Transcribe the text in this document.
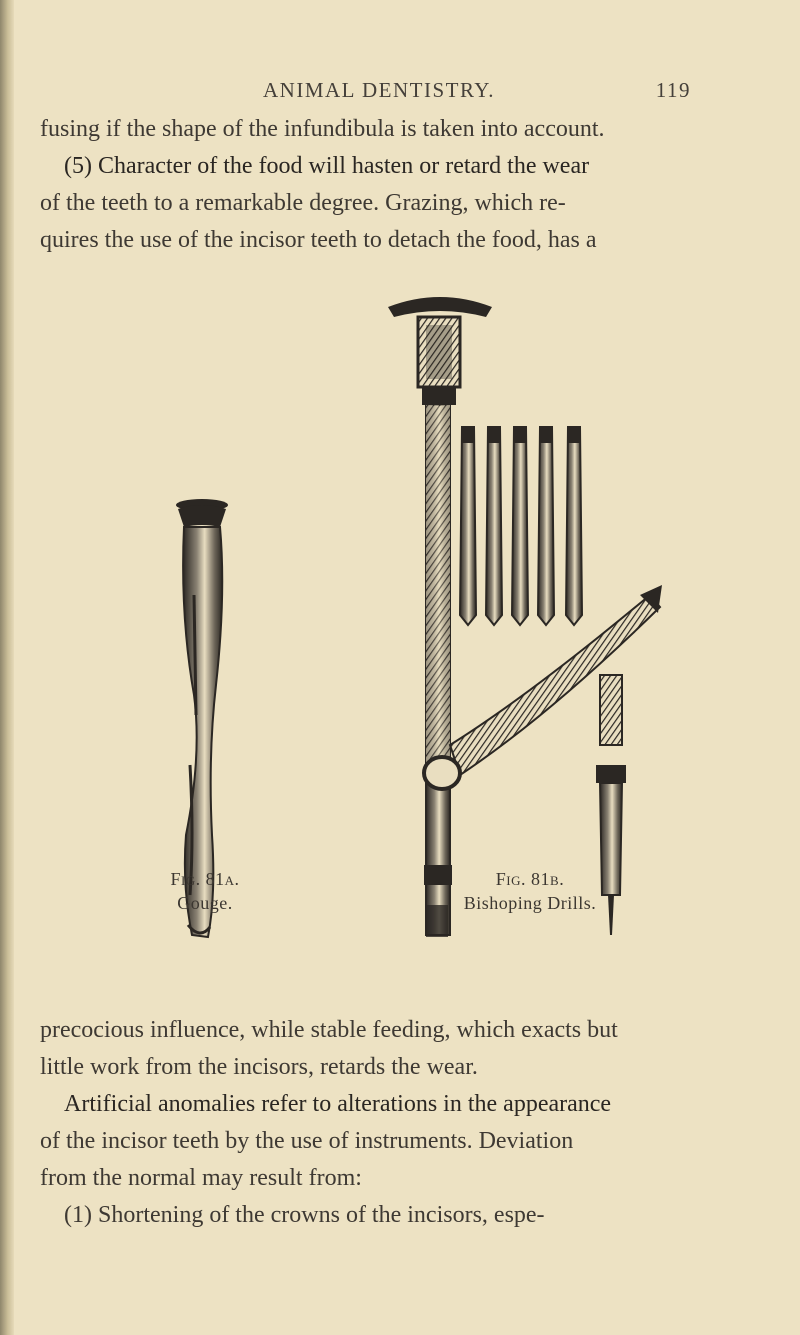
ANIMAL DENTISTRY.	119
fusing if the shape of the infundibula is taken into account.
(5) Character of the food will hasten or retard the wear
of the teeth to a remarkable degree. Grazing, which re-
quires the use of the incisor teeth to detach the food, has a
Fig. 81a.
Gouge.
Fig. 81b.
Bishoping Drills.
precocious influence, while stable feeding, which exacts but
little work from the incisors, retards the wear.
Artificial anomalies refer to alterations in the appearance
of the incisor teeth by the use of instruments. Deviation
from the normal may result from:
(1) Shortening of the crowns of the incisors, espe-
